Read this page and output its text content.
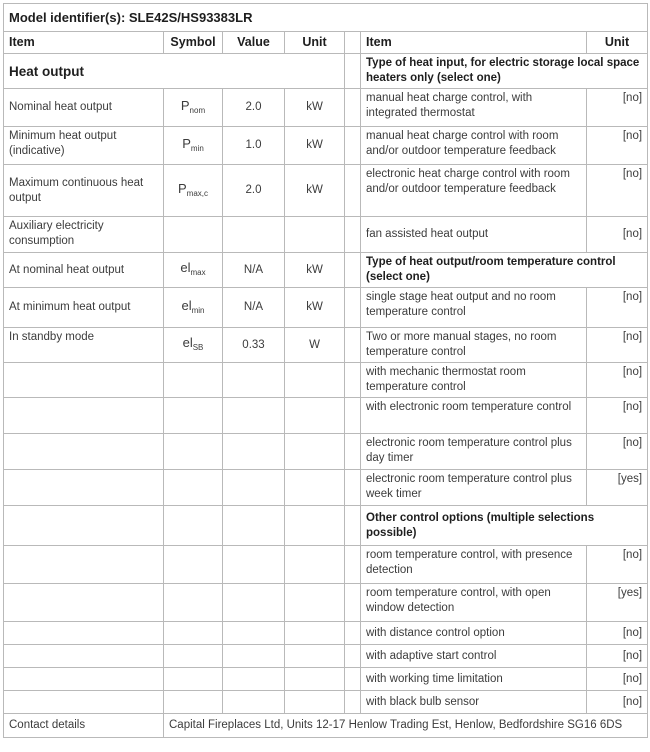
Model identifier(s): SLE42S/HS93383LR						
Item	Symbol	Value	Unit		Item	Unit
Heat output					Type of heat input, for electric storage local space heaters only (select one)	
Nominal heat output	$P_{nom}$	2.0	kW		manual heat charge control, with integrated thermostat	[no]
Minimum heat output (indicative)	$P_{min}$	1.0	kW		manual heat charge control with room and/or outdoor temperature feedback	[no]
Maximum continuous heat output	$P_{max,c}$	2.0	kW		electronic heat charge control with room and/or outdoor temperature feedback	[no]
Auxiliary electricity consumption					fan assisted heat output	[no]
At nominal heat output	$el_{max}$	N/A	kW		Type of heat output/room temperature control (select one)	
At minimum heat output	$el_{min}$	N/A	kW		single stage heat output and no room temperature control	[no]
In standby mode	$el_{SB}$	0.33	W		Two or more manual stages, no room temperature control	[no]
					with mechanic thermostat room temperature control	[no]
					with electronic room temperature control	[no]
					electronic room temperature control plus day timer	[no]
					electronic room temperature control plus week timer	[yes]
					Other control options (multiple selections possible)	
					room temperature control, with presence detection	[no]
					room temperature control, with open window detection	[yes]
					with distance control option	[no]
					with adaptive start control	[no]
					with working time limitation	[no]
					with black bulb sensor	[no]
Contact details	Capital Fireplaces Ltd, Units 12-17 Henlow Trading Est, Henlow, Bedfordshire SG16 6DS					
